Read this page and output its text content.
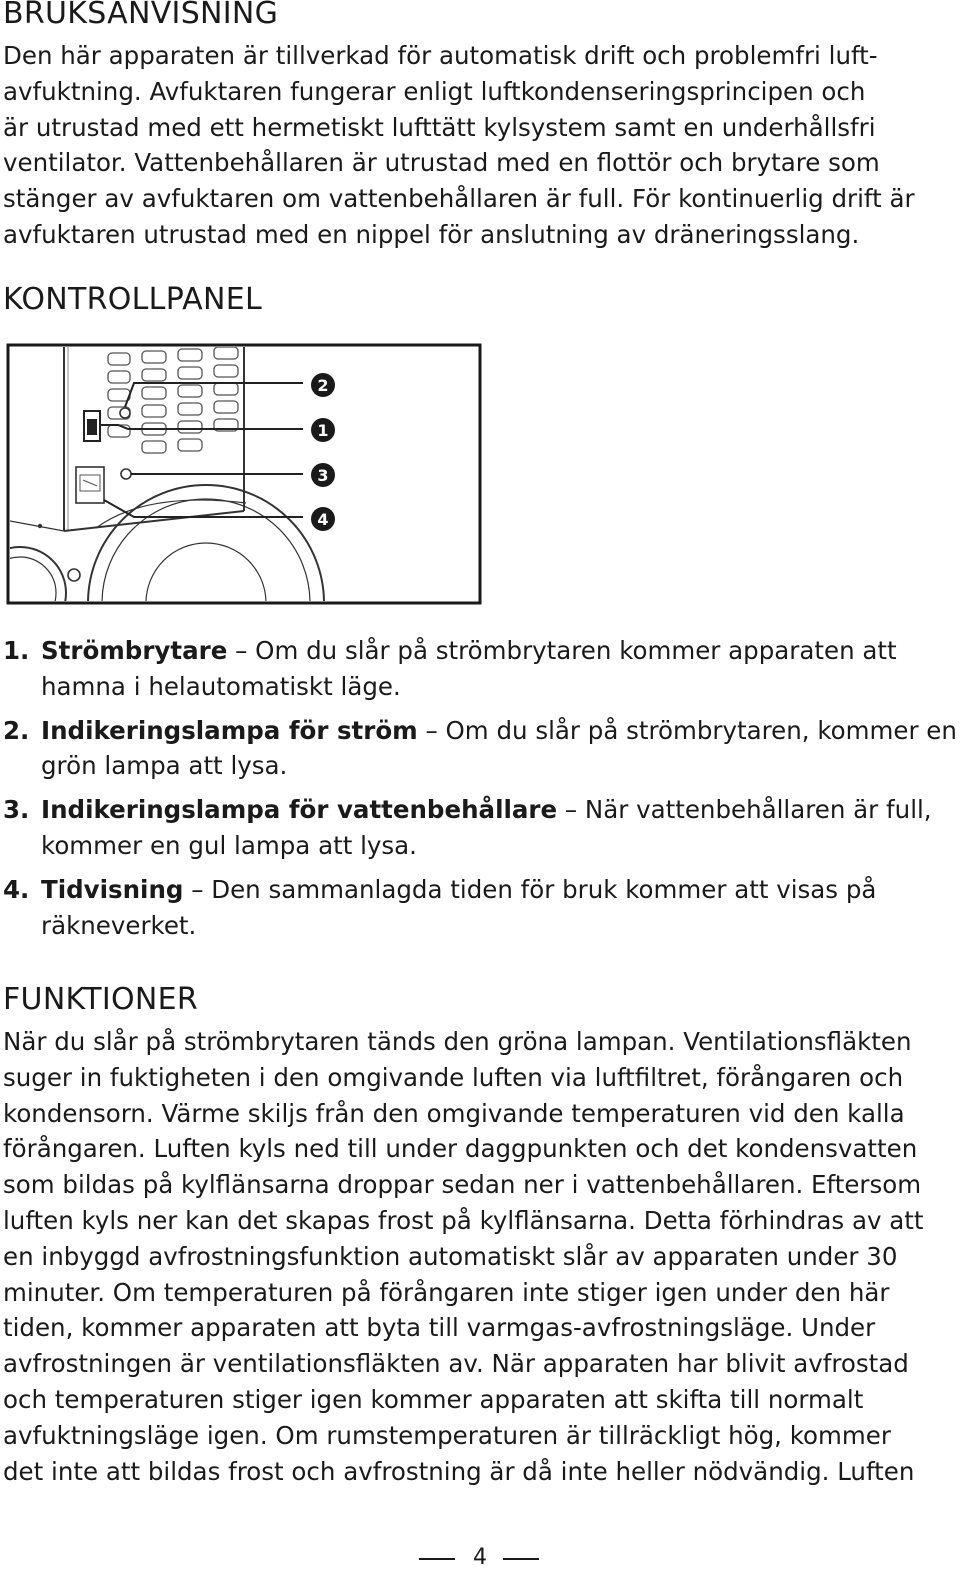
BRUKSANVISNING
Den här apparaten är tillverkad för automatisk drift och problemfri luft-
avfuktning. Avfuktaren fungerar enligt luftkondenseringsprincipen och
är utrustad med ett hermetiskt lufttätt kylsystem samt en underhållsfri
ventilator. Vattenbehållaren är utrustad med en flottör och brytare som
stänger av avfuktaren om vattenbehållaren är full. För kontinuerlig drift är
avfuktaren utrustad med en nippel för anslutning av dräneringsslang.
KONTROLLPANEL
2
1
3
4
1. Strömbrytare – Om du slår på strömbrytaren kommer apparaten att
hamna i helautomatiskt läge.
2. Indikeringslampa för ström – Om du slår på strömbrytaren, kommer en
grön lampa att lysa.
3. Indikeringslampa för vattenbehållare – När vattenbehållaren är full,
kommer en gul lampa att lysa.
4. Tidvisning – Den sammanlagda tiden för bruk kommer att visas på
räkneverket.
FUNKTIONER
När du slår på strömbrytaren tänds den gröna lampan. Ventilationsfläkten
suger in fuktigheten i den omgivande luften via luftfiltret, förångaren och
kondensorn. Värme skiljs från den omgivande temperaturen vid den kalla
förångaren. Luften kyls ned till under daggpunkten och det kondensvatten
som bildas på kylflänsarna droppar sedan ner i vattenbehållaren. Eftersom
luften kyls ner kan det skapas frost på kylflänsarna. Detta förhindras av att
en inbyggd avfrostningsfunktion automatiskt slår av apparaten under 30
minuter. Om temperaturen på förångaren inte stiger igen under den här
tiden, kommer apparaten att byta till varmgas-avfrostningsläge. Under
avfrostningen är ventilationsfläkten av. När apparaten har blivit avfrostad
och temperaturen stiger igen kommer apparaten att skifta till normalt
avfuktningsläge igen. Om rumstemperaturen är tillräckligt hög, kommer
det inte att bildas frost och avfrostning är då inte heller nödvändig. Luften
4
